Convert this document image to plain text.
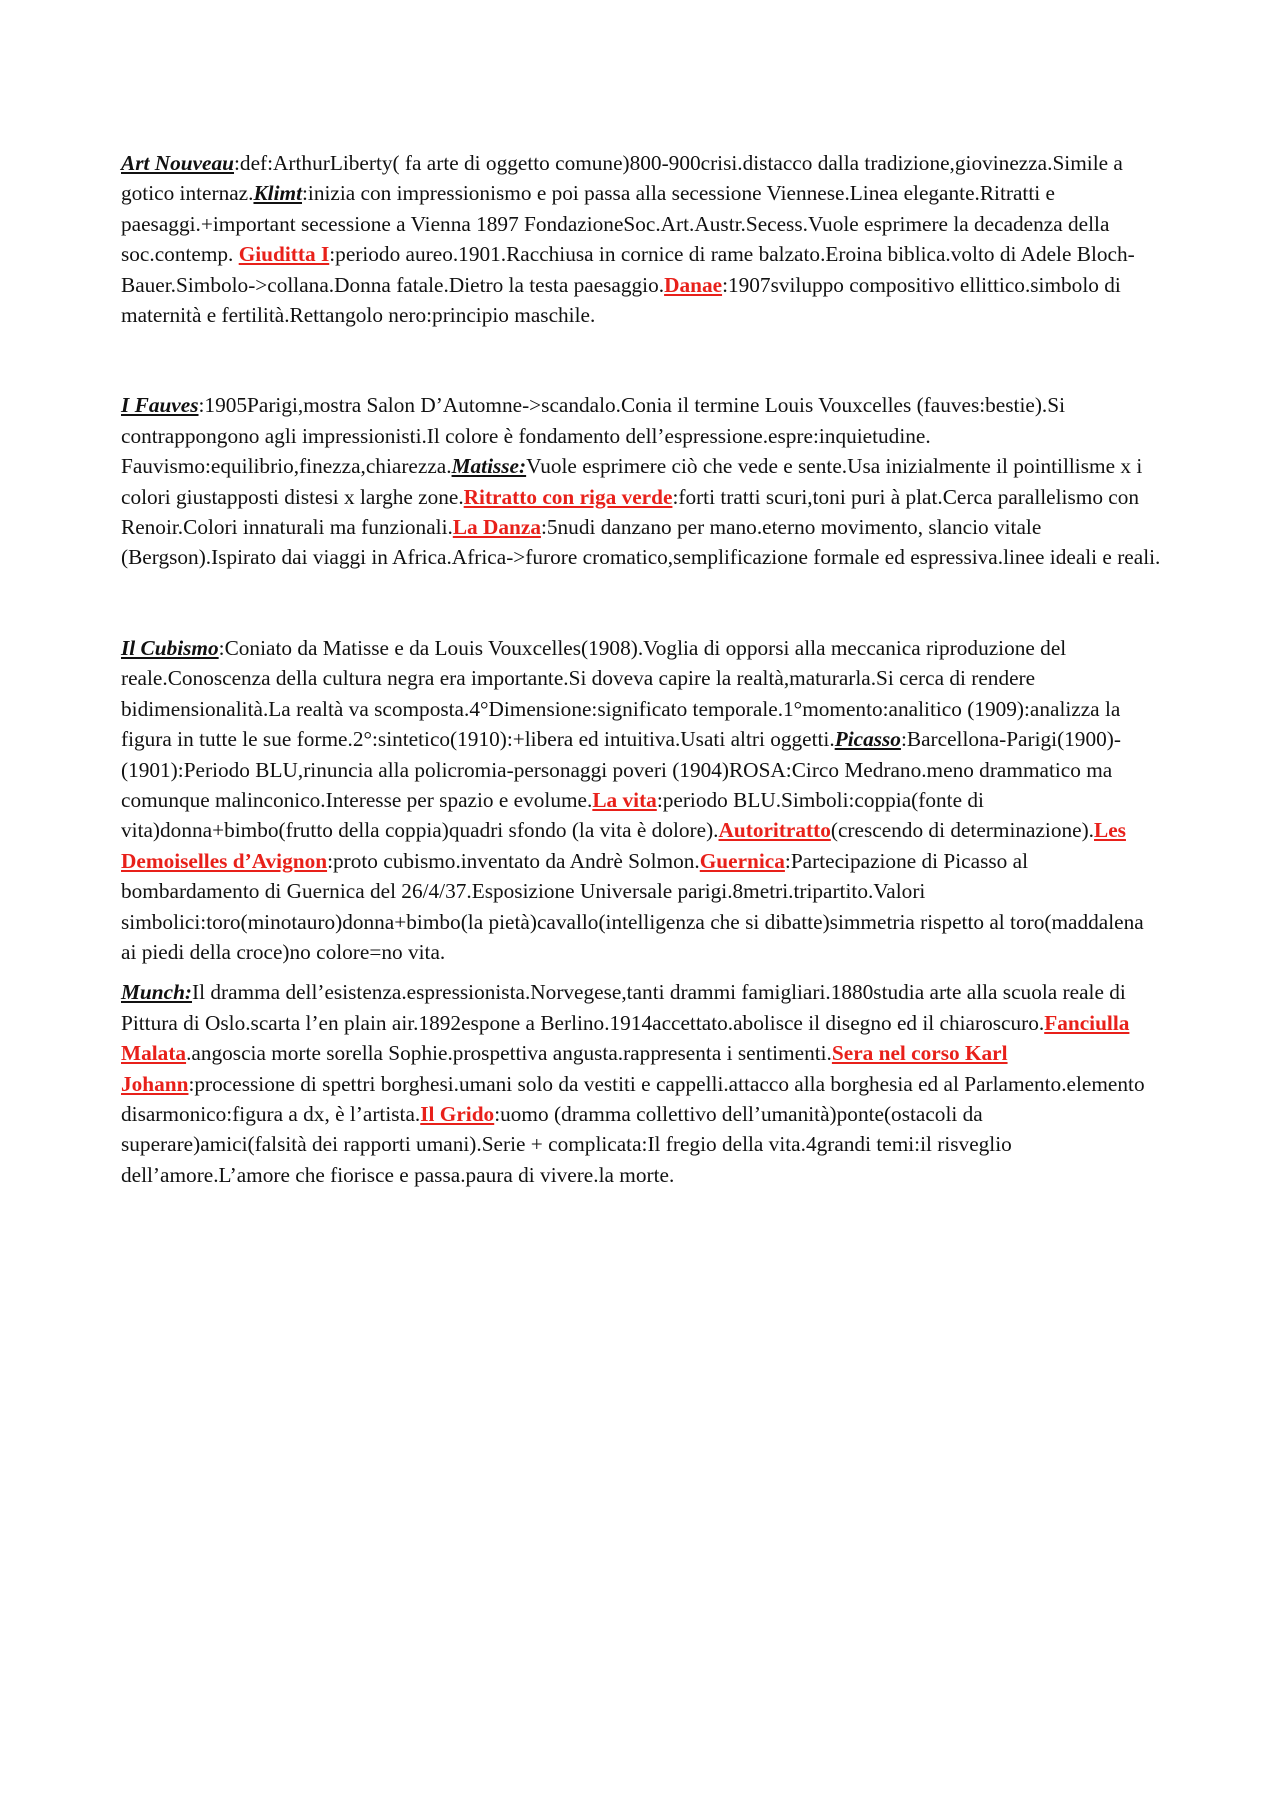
Art Nouveau:def:ArthurLiberty( fa arte di oggetto comune)800-900crisi.distacco dalla tradizione,giovinezza.Simile a gotico internaz.Klimt:inizia con impressionismo e poi passa alla secessione Viennese.Linea elegante.Ritratti e paesaggi.+important secessione a Vienna 1897 FondazioneSoc.Art.Austr.Secess.Vuole esprimere la decadenza della soc.contemp. Giuditta I:periodo aureo.1901.Racchiusa in cornice di rame balzato.Eroina biblica.volto di Adele Bloch-Bauer.Simbolo->collana.Donna fatale.Dietro la testa paesaggio.Danae:1907sviluppo compositivo ellittico.simbolo di maternità e fertilità.Rettangolo nero:principio maschile.

I Fauves:1905Parigi,mostra Salon D’Automne->scandalo.Conia il termine Louis Vouxcelles (fauves:bestie).Si contrappongono agli impressionisti.Il colore è fondamento dell’espressione.espre:inquietudine. Fauvismo:equilibrio,finezza,chiarezza.Matisse:Vuole esprimere ciò che vede e sente.Usa inizialmente il pointillisme x i colori giustapposti distesi x larghe zone.Ritratto con riga verde:forti tratti scuri,toni puri à plat.Cerca parallelismo con Renoir.Colori innaturali ma funzionali.La Danza:5nudi danzano per mano.eterno movimento, slancio vitale (Bergson).Ispirato dai viaggi in Africa.Africa->furore cromatico,semplificazione formale ed espressiva.linee ideali e reali.

Il Cubismo:Coniato da Matisse e da Louis Vouxcelles(1908).Voglia di opporsi alla meccanica riproduzione del reale.Conoscenza della cultura negra era importante.Si doveva capire la realtà,maturarla.Si cerca di rendere bidimensionalità.La realtà va scomposta.4°Dimensione:significato temporale.1°momento:analitico (1909):analizza la figura in tutte le sue forme.2°:sintetico(1910):+libera ed intuitiva.Usati altri oggetti.Picasso:Barcellona-Parigi(1900)-(1901):Periodo BLU,rinuncia alla policromia-personaggi poveri (1904)ROSA:Circo Medrano.meno drammatico ma comunque malinconico.Interesse per spazio e evolume.La vita:periodo BLU.Simboli:coppia(fonte di vita)donna+bimbo(frutto della coppia)quadri sfondo (la vita è dolore).Autoritratto(crescendo di determinazione).Les Demoiselles d’Avignon:proto cubismo.inventato da Andrè Solmon.Guernica:Partecipazione di Picasso al bombardamento di Guernica del 26/4/37.Esposizione Universale parigi.8metri.tripartito.Valori simbolici:toro(minotauro)donna+bimbo(la pietà)cavallo(intelligenza che si dibatte)simmetria rispetto al toro(maddalena ai piedi della croce)no colore=no vita.

Munch:Il dramma dell’esistenza.espressionista.Norvegese,tanti drammi famigliari.1880studia arte alla scuola reale di Pittura di Oslo.scarta l’en plain air.1892espone a Berlino.1914accettato.abolisce il disegno ed il chiaroscuro.Fanciulla Malata.angoscia morte sorella Sophie.prospettiva angusta.rappresenta i sentimenti.Sera nel corso Karl Johann:processione di spettri borghesi.umani solo da vestiti e cappelli.attacco alla borghesia ed al Parlamento.elemento disarmonico:figura a dx, è l’artista.Il Grido:uomo (dramma collettivo dell’umanità)ponte(ostacoli da superare)amici(falsità dei rapporti umani).Serie + complicata:Il fregio della vita.4grandi temi:il risveglio dell’amore.L’amore che fiorisce e passa.paura di vivere.la morte.
